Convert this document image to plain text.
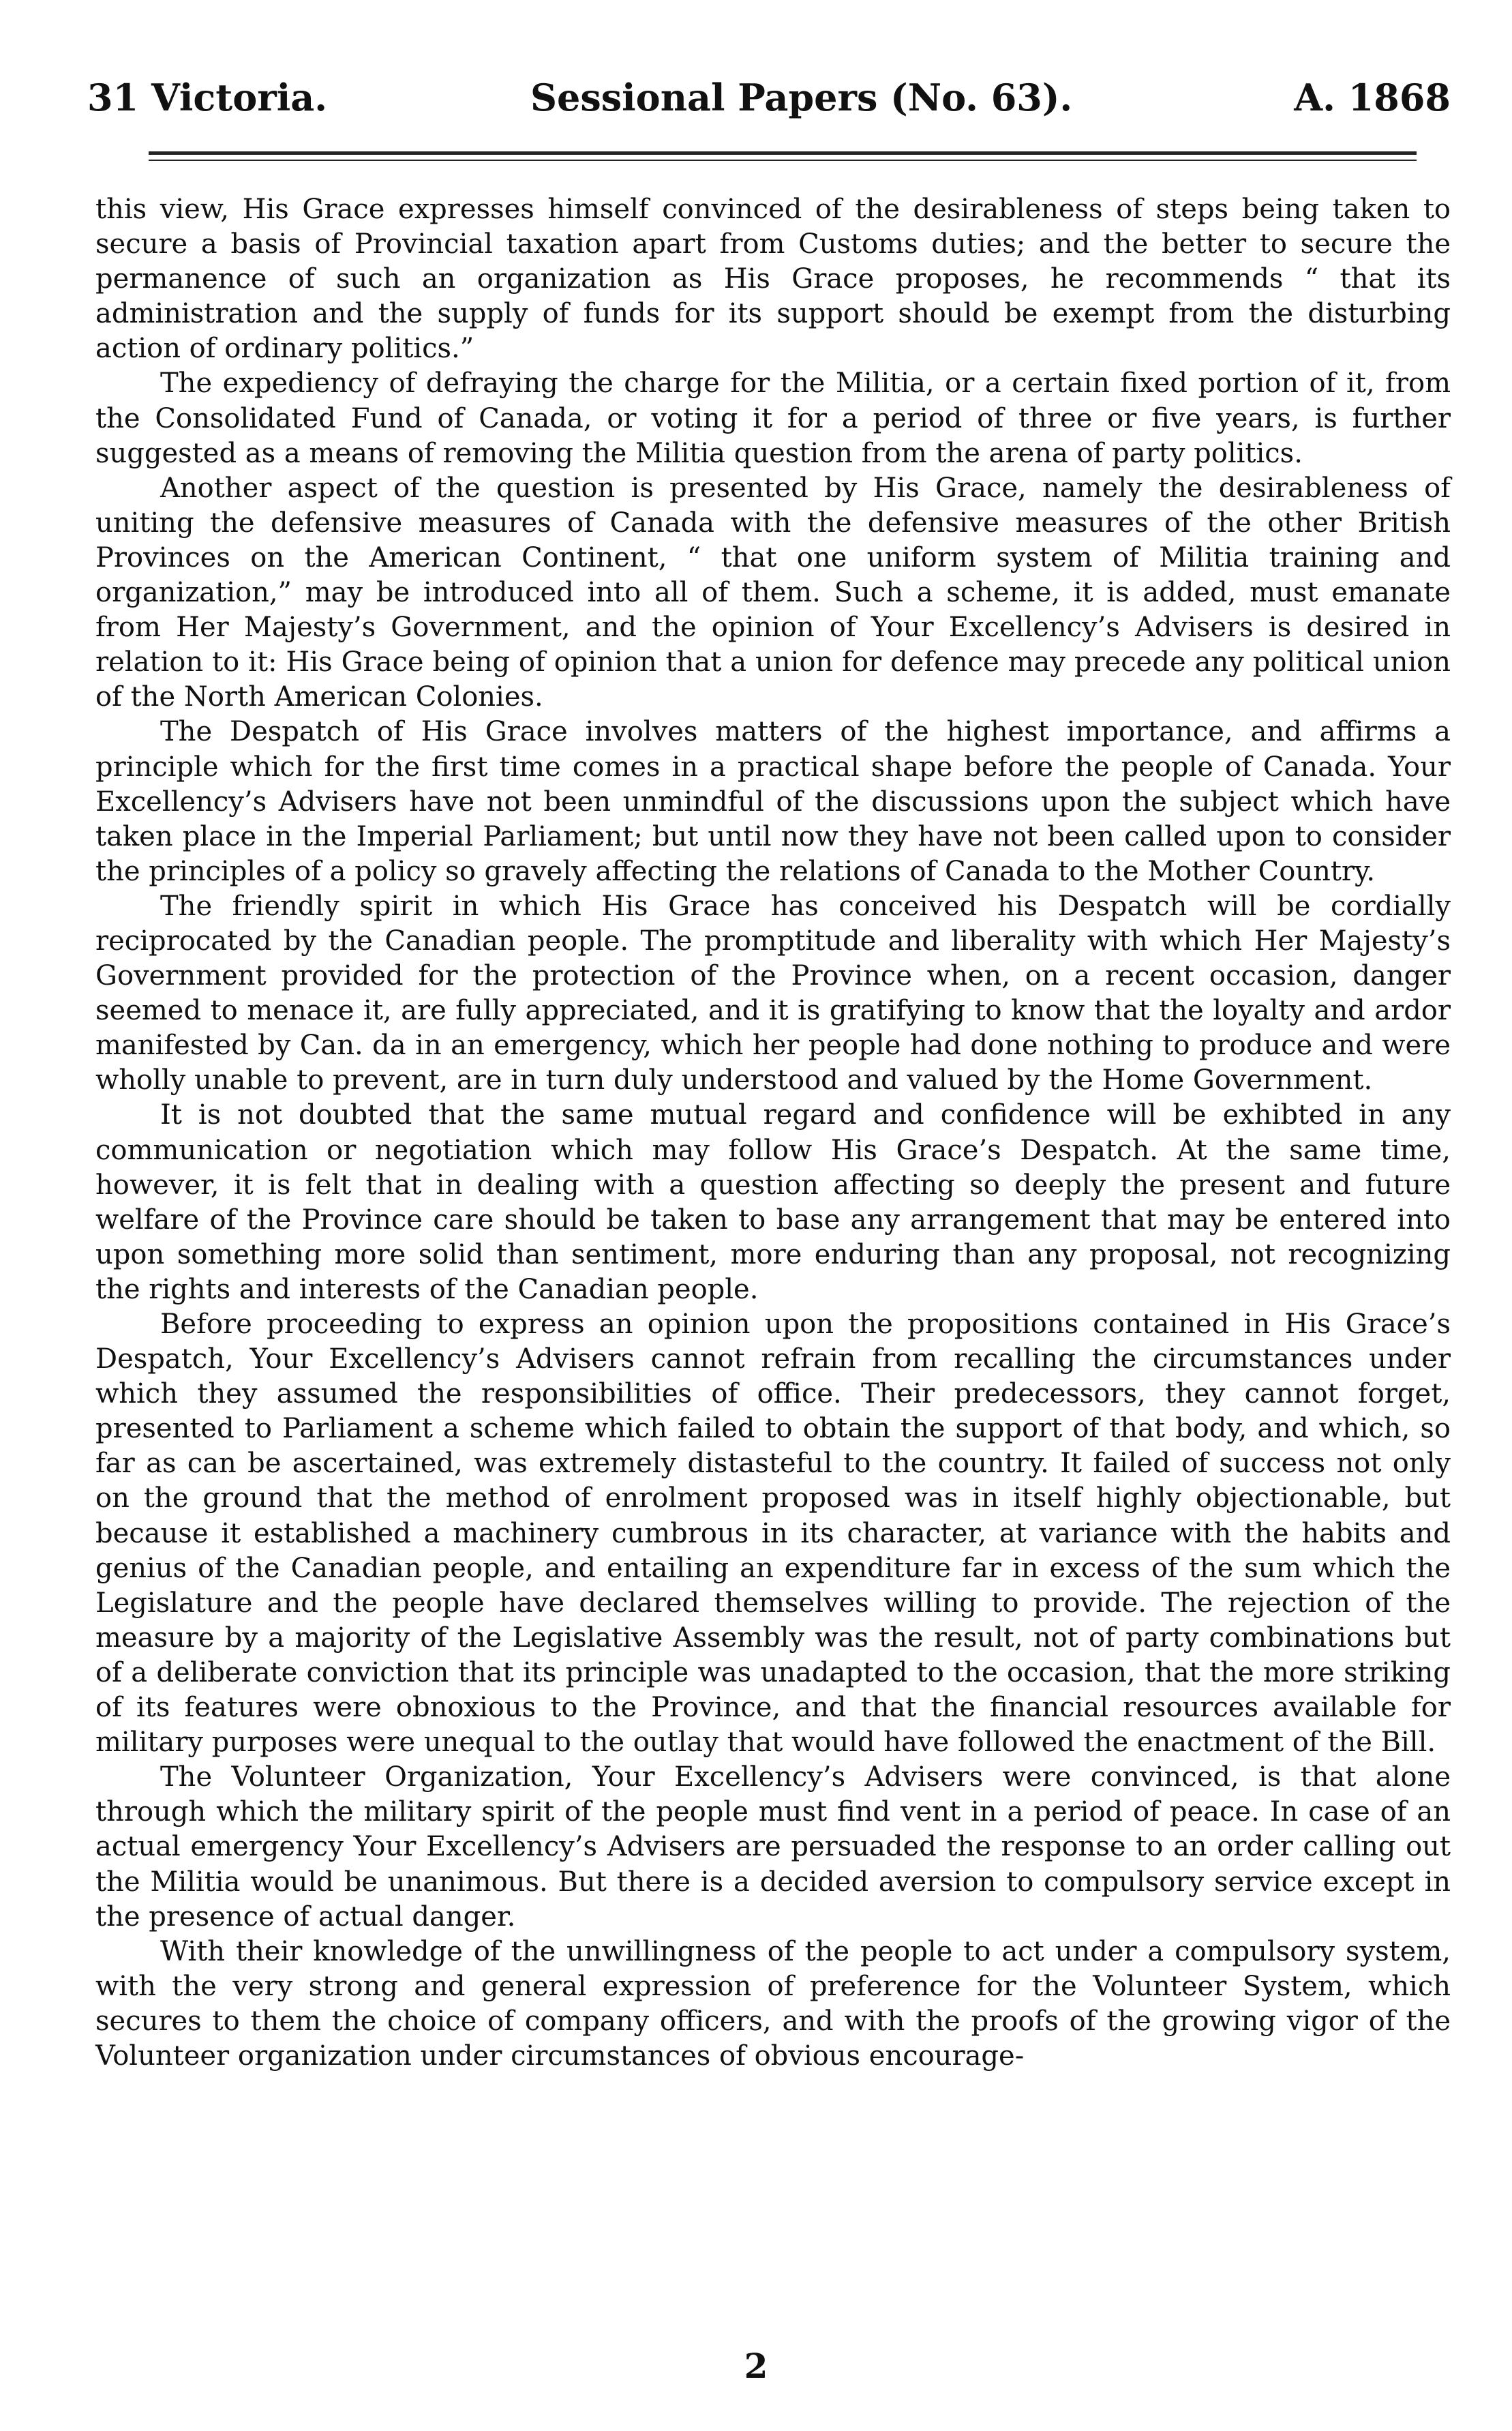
31 Victoria.	Sessional Papers (No. 63).	A. 1868

this view, His Grace expresses himself convinced of the desirableness of steps being taken to secure a basis of Provincial taxation apart from Customs duties; and the better to secure the permanence of such an organization as His Grace proposes, he recommends “ that its administration and the supply of funds for its support should be exempt from the disturbing action of ordinary politics.”

The expediency of defraying the charge for the Militia, or a certain fixed portion of it, from the Consolidated Fund of Canada, or voting it for a period of three or five years, is further suggested as a means of removing the Militia question from the arena of party politics.

Another aspect of the question is presented by His Grace, namely the desirableness of uniting the defensive measures of Canada with the defensive measures of the other British Provinces on the American Continent, “ that one uniform system of Militia training and organization,” may be introduced into all of them. Such a scheme, it is added, must emanate from Her Majesty’s Government, and the opinion of Your Excellency’s Advisers is desired in relation to it: His Grace being of opinion that a union for defence may precede any political union of the North American Colonies.

The Despatch of His Grace involves matters of the highest importance, and affirms a principle which for the first time comes in a practical shape before the people of Canada. Your Excellency’s Advisers have not been unmindful of the discussions upon the subject which have taken place in the Imperial Parliament; but until now they have not been called upon to consider the principles of a policy so gravely affecting the relations of Canada to the Mother Country.

The friendly spirit in which His Grace has conceived his Despatch will be cordially reciprocated by the Canadian people. The promptitude and liberality with which Her Majesty’s Government provided for the protection of the Province when, on a recent occasion, danger seemed to menace it, are fully appreciated, and it is gratifying to know that the loyalty and ardor manifested by Can. da in an emergency, which her people had done nothing to produce and were wholly unable to prevent, are in turn duly understood and valued by the Home Government.

It is not doubted that the same mutual regard and confidence will be exhibted in any communication or negotiation which may follow His Grace’s Despatch. At the same time, however, it is felt that in dealing with a question affecting so deeply the present and future welfare of the Province care should be taken to base any arrangement that may be entered into upon something more solid than sentiment, more enduring than any proposal, not recognizing the rights and interests of the Canadian people.

Before proceeding to express an opinion upon the propositions contained in His Grace’s Despatch, Your Excellency’s Advisers cannot refrain from recalling the circumstances under which they assumed the responsibilities of office. Their predecessors, they cannot forget, presented to Parliament a scheme which failed to obtain the support of that body, and which, so far as can be ascertained, was extremely distasteful to the country. It failed of success not only on the ground that the method of enrolment proposed was in itself highly objectionable, but because it established a machinery cumbrous in its character, at variance with the habits and genius of the Canadian people, and entailing an expenditure far in excess of the sum which the Legislature and the people have declared themselves willing to provide. The rejection of the measure by a majority of the Legislative Assembly was the result, not of party combinations but of a deliberate conviction that its principle was unadapted to the occasion, that the more striking of its features were obnoxious to the Province, and that the financial resources available for military purposes were unequal to the outlay that would have followed the enactment of the Bill.

The Volunteer Organization, Your Excellency’s Advisers were convinced, is that alone through which the military spirit of the people must find vent in a period of peace. In case of an actual emergency Your Excellency’s Advisers are persuaded the response to an order calling out the Militia would be unanimous. But there is a decided aversion to compulsory service except in the presence of actual danger.

With their knowledge of the unwillingness of the people to act under a compulsory system, with the very strong and general expression of preference for the Volunteer System, which secures to them the choice of company officers, and with the proofs of the growing vigor of the Volunteer organization under circumstances of obvious encourage-

2
